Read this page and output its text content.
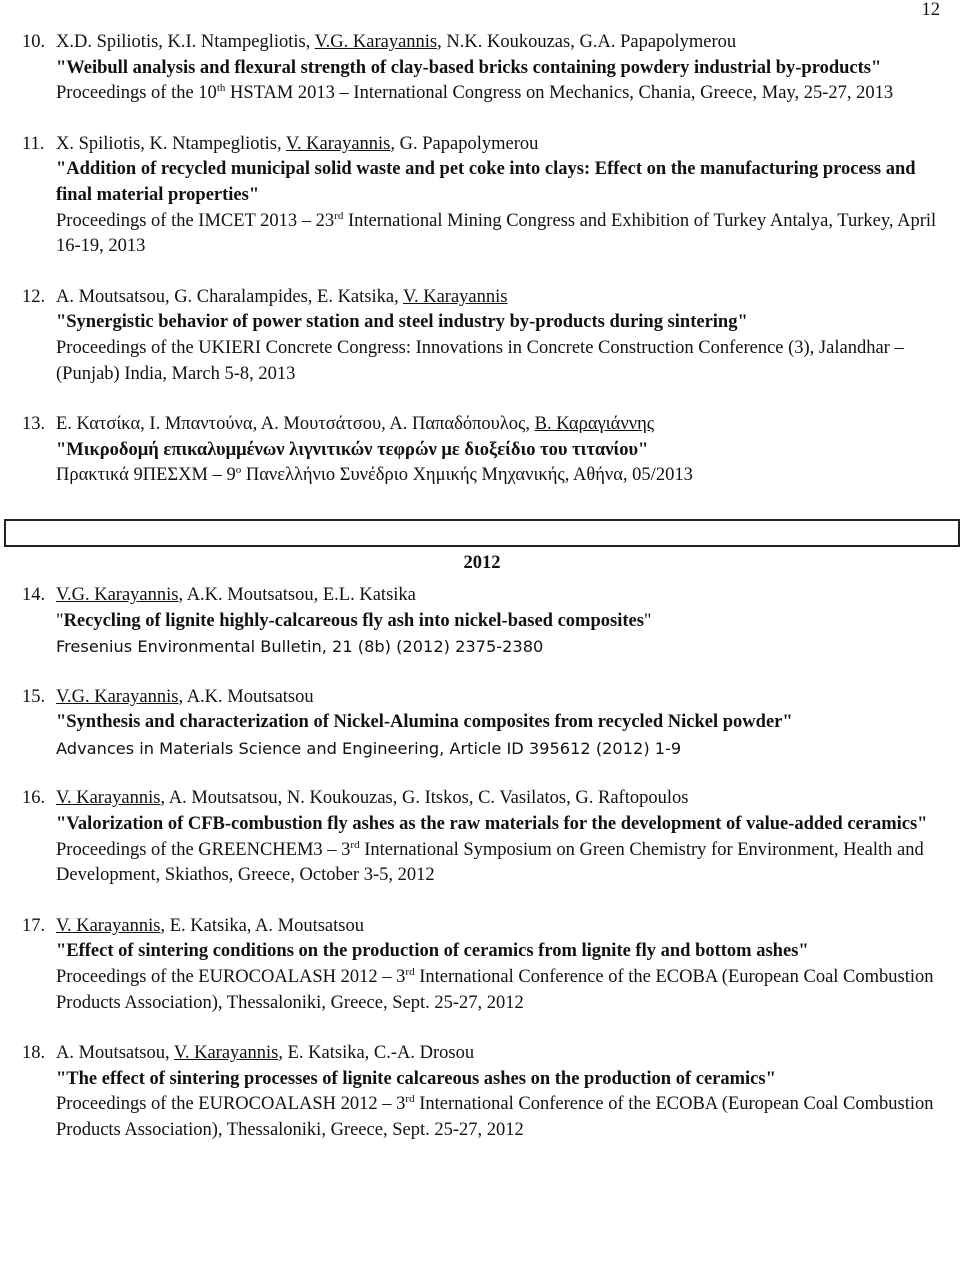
12
10. X.D. Spiliotis, K.I. Ntampegliotis, V.G. Karayannis, N.K. Koukouzas, G.A. Papapolymerou
"Weibull analysis and flexural strength of clay-based bricks containing powdery industrial by-products"
Proceedings of the 10th HSTAM 2013 – International Congress on Mechanics, Chania, Greece, May, 25-27, 2013
11. X. Spiliotis, K. Ntampegliotis, V. Karayannis, G. Papapolymerou
"Addition of recycled municipal solid waste and pet coke into clays: Effect on the manufacturing process and final material properties"
Proceedings of the IMCET 2013 – 23rd International Mining Congress and Exhibition of Turkey Antalya, Turkey, April 16-19, 2013
12. A. Moutsatsou, G. Charalampides, E. Katsika, V. Karayannis
"Synergistic behavior of power station and steel industry by-products during sintering"
Proceedings of the UKIERI Concrete Congress: Innovations in Concrete Construction Conference (3), Jalandhar – (Punjab) India, March 5-8, 2013
13. Ε. Κατσίκα, Ι. Μπαντούνα, Α. Μουτσάτσου, Α. Παπαδόπουλος, Β. Καραγιάννης
"Μικροδομή επικαλυμμένων λιγνιτικών τεφρών με διοξείδιο του τιτανίου"
Πρακτικά $9\Pi E\Sigma XM - 9^o$ Πανελλήνιο Συνέδριο Χημικής Μηχανικής, Αθήνα, 05/2013
2012
14. V.G. Karayannis, A.K. Moutsatsou, E.L. Katsika
"Recycling of lignite highly-calcareous fly ash into nickel-based composites"
Fresenius Environmental Bulletin, 21 (8b) (2012) 2375-2380
15. V.G. Karayannis, A.K. Moutsatsou
"Synthesis and characterization of Nickel-Alumina composites from recycled Nickel powder"
Advances in Materials Science and Engineering, Article ID 395612 (2012) 1-9
16. V. Karayannis, A. Moutsatsou, N. Koukouzas, G. Itskos, C. Vasilatos, G. Raftopoulos
"Valorization of CFB-combustion fly ashes as the raw materials for the development of value-added ceramics"
Proceedings of the GREENCHEM3 – 3rd International Symposium on Green Chemistry for Environment, Health and Development, Skiathos, Greece, October 3-5, 2012
17. V. Karayannis, E. Katsika, A. Moutsatsou
"Effect of sintering conditions on the production of ceramics from lignite fly and bottom ashes"
Proceedings of the EUROCOALASH 2012 – 3rd International Conference of the ECOBA (European Coal Combustion Products Association), Thessaloniki, Greece, Sept. 25-27, 2012
18. A. Moutsatsou, V. Karayannis, E. Katsika, C.-A. Drosou
"The effect of sintering processes of lignite calcareous ashes on the production of ceramics"
Proceedings of the EUROCOALASH 2012 – 3rd International Conference of the ECOBA (European Coal Combustion Products Association), Thessaloniki, Greece, Sept. 25-27, 2012
